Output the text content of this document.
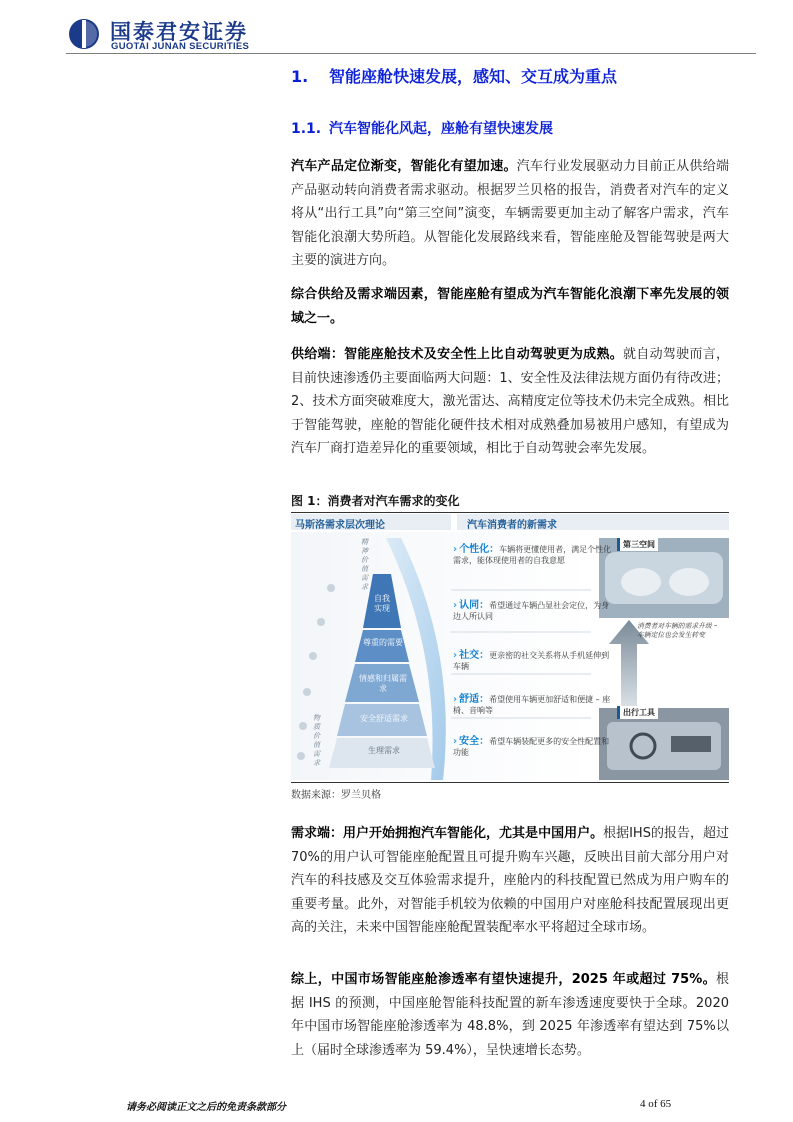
国泰君安证券
GUOTAI JUNAN SECURITIES
1. 智能座舱快速发展，感知、交互成为重点
1.1. 汽车智能化风起，座舱有望快速发展
汽车产品定位渐变，智能化有望加速。汽车行业发展驱动力目前正从供给端产品驱动转向消费者需求驱动。根据罗兰贝格的报告，消费者对汽车的定义将从“出行工具”向“第三空间”演变，车辆需要更加主动了解客户需求，汽车智能化浪潮大势所趋。从智能化发展路线来看，智能座舱及智能驾驶是两大主要的演进方向。
综合供给及需求端因素，智能座舱有望成为汽车智能化浪潮下率先发展的领域之一。
供给端：智能座舱技术及安全性上比自动驾驶更为成熟。就自动驾驶而言，目前快速渗透仍主要面临两大问题：1、安全性及法律法规方面仍有待改进；2、技术方面突破难度大，激光雷达、高精度定位等技术仍未完全成熟。相比于智能驾驶，座舱的智能化硬件技术相对成熟叠加易被用户感知，有望成为汽车厂商打造差异化的重要领域，相比于自动驾驶会率先发展。
图 1：消费者对汽车需求的变化
马斯洛需求层次理论	汽车消费者的新需求
精神价值需求
物质价值需求
自我实现
尊重的需要
情感和归属需求
安全舒适需求
生理需求
› 个性化：车辆将更懂使用者，满足个性化需求，能体现使用者的自我意愿
› 认同：希望通过车辆凸显社会定位，为身边人所认同
› 社交：更亲密的社交关系将从手机延伸到车辆
› 舒适：希望使用车辆更加舒适和便捷 – 座椅、音响等
› 安全：希望车辆装配更多的安全性配置和功能
第三空间
消费者对车辆的需求升级 – 车辆定位也会发生转变
出行工具
数据来源：罗兰贝格
需求端：用户开始拥抱汽车智能化，尤其是中国用户。根据IHS的报告，超过70%的用户认可智能座舱配置且可提升购车兴趣，反映出目前大部分用户对汽车的科技感及交互体验需求提升，座舱内的科技配置已然成为用户购车的重要考量。此外，对智能手机较为依赖的中国用户对座舱科技配置展现出更高的关注，未来中国智能座舱配置装配率水平将超过全球市场。
综上，中国市场智能座舱渗透率有望快速提升，2025 年或超过 75%。根据 IHS 的预测，中国座舱智能科技配置的新车渗透速度要快于全球。2020 年中国市场智能座舱渗透率为 48.8%，到 2025 年渗透率有望达到 75%以上（届时全球渗透率为 59.4%），呈快速增长态势。
请务必阅读正文之后的免责条款部分	4 of 65
